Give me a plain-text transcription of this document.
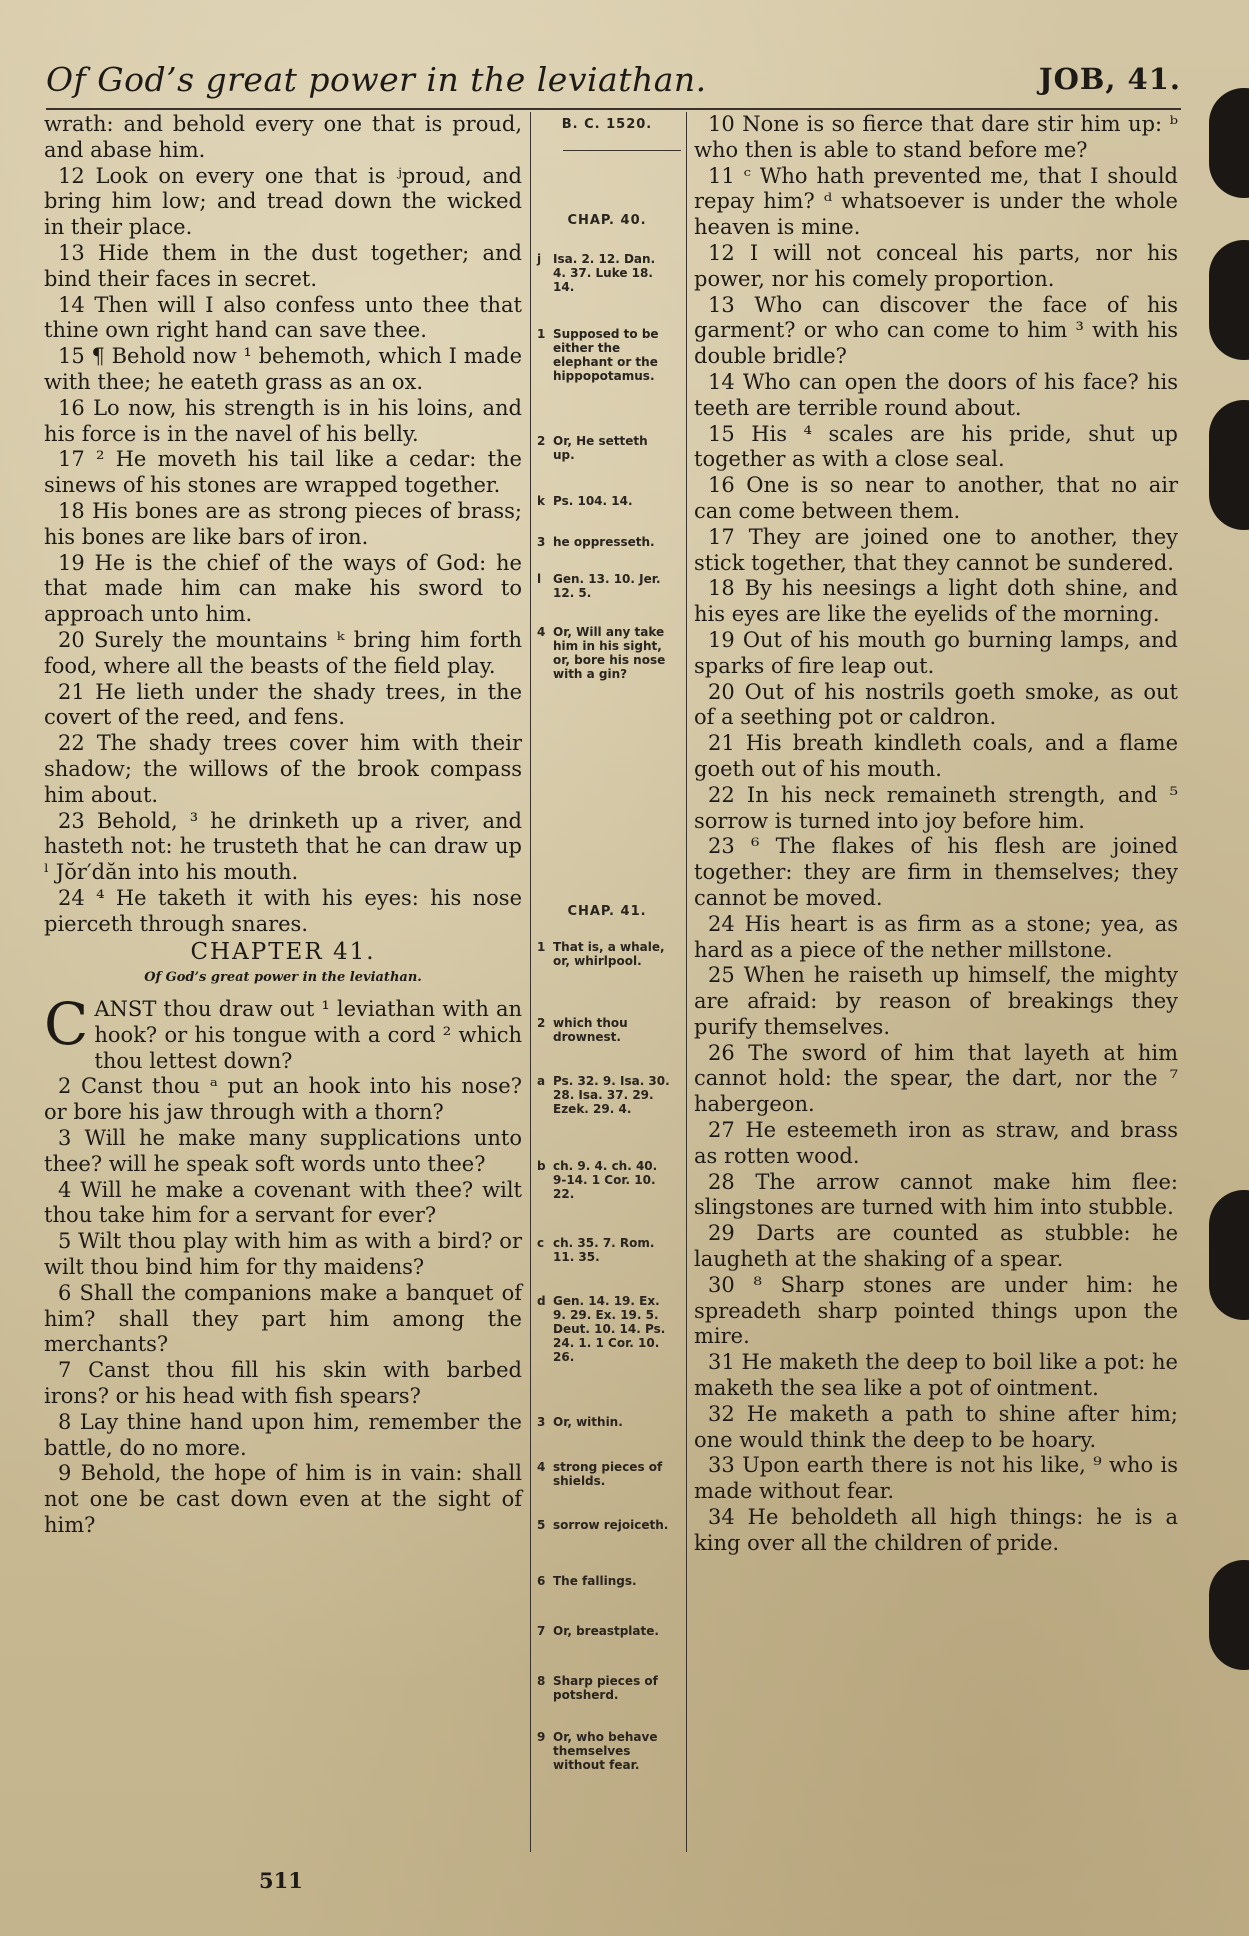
Of God’s great power in the leviathan.	JOB, 41.

wrath: and behold every one that is proud, and abase him.

12 Look on every one that is ʲproud, and bring him low; and tread down the wicked in their place.

13 Hide them in the dust together; and bind their faces in secret.

14 Then will I also confess unto thee that thine own right hand can save thee.

15 ¶ Behold now ¹ behemoth, which I made with thee; he eateth grass as an ox.

16 Lo now, his strength is in his loins, and his force is in the navel of his belly.

17 ² He moveth his tail like a cedar: the sinews of his stones are wrapped together.

18 His bones are as strong pieces of brass; his bones are like bars of iron.

19 He is the chief of the ways of God: he that made him can make his sword to approach unto him.

20 Surely the mountains ᵏ bring him forth food, where all the beasts of the field play.

21 He lieth under the shady trees, in the covert of the reed, and fens.

22 The shady trees cover him with their shadow; the willows of the brook compass him about.

23 Behold, ³ he drinketh up a river, and hasteth not: he trusteth that he can draw up ˡ Jŏr′dăn into his mouth.

24 ⁴ He taketh it with his eyes: his nose pierceth through snares.

CHAPTER 41.

Of God’s great power in the leviathan.

CANST thou draw out ¹ leviathan with an hook? or his tongue with a cord ² which thou lettest down?

2 Canst thou ᵃ put an hook into his nose? or bore his jaw through with a thorn?

3 Will he make many supplications unto thee? will he speak soft words unto thee?

4 Will he make a covenant with thee? wilt thou take him for a servant for ever?

5 Wilt thou play with him as with a bird? or wilt thou bind him for thy maidens?

6 Shall the companions make a banquet of him? shall they part him among the merchants?

7 Canst thou fill his skin with barbed irons? or his head with fish spears?

8 Lay thine hand upon him, remember the battle, do no more.

9 Behold, the hope of him is in vain: shall not one be cast down even at the sight of him?

B. C. 1520.
CHAP. 40.
j Isa. 2. 12. Dan. 4. 37. Luke 18. 14.
1 Supposed to be either the elephant or the hippopotamus.
2 Or, He setteth up.
k Ps. 104. 14.
3 he oppresseth.
l Gen. 13. 10. Jer. 12. 5.
4 Or, Will any take him in his sight, or, bore his nose with a gin?
CHAP. 41.
1 That is, a whale, or, whirlpool.
2 which thou drownest.
a Ps. 32. 9. Isa. 30. 28. Isa. 37. 29. Ezek. 29. 4.
b ch. 9. 4. ch. 40. 9-14. 1 Cor. 10. 22.
c ch. 35. 7. Rom. 11. 35.
d Gen. 14. 19. Ex. 9. 29. Ex. 19. 5. Deut. 10. 14. Ps. 24. 1. 1 Cor. 10. 26.
3 Or, within.
4 strong pieces of shields.
5 sorrow rejoiceth.
6 The fallings.
7 Or, breastplate.
8 Sharp pieces of potsherd.
9 Or, who behave themselves without fear.

10 None is so fierce that dare stir him up: ᵇ who then is able to stand before me?

11 ᶜ Who hath prevented me, that I should repay him? ᵈ whatsoever is under the whole heaven is mine.

12 I will not conceal his parts, nor his power, nor his comely proportion.

13 Who can discover the face of his garment? or who can come to him ³ with his double bridle?

14 Who can open the doors of his face? his teeth are terrible round about.

15 His ⁴ scales are his pride, shut up together as with a close seal.

16 One is so near to another, that no air can come between them.

17 They are joined one to another, they stick together, that they cannot be sundered.

18 By his neesings a light doth shine, and his eyes are like the eyelids of the morning.

19 Out of his mouth go burning lamps, and sparks of fire leap out.

20 Out of his nostrils goeth smoke, as out of a seething pot or caldron.

21 His breath kindleth coals, and a flame goeth out of his mouth.

22 In his neck remaineth strength, and ⁵ sorrow is turned into joy before him.

23 ⁶ The flakes of his flesh are joined together: they are firm in themselves; they cannot be moved.

24 His heart is as firm as a stone; yea, as hard as a piece of the nether millstone.

25 When he raiseth up himself, the mighty are afraid: by reason of breakings they purify themselves.

26 The sword of him that layeth at him cannot hold: the spear, the dart, nor the ⁷ habergeon.

27 He esteemeth iron as straw, and brass as rotten wood.

28 The arrow cannot make him flee: slingstones are turned with him into stubble.

29 Darts are counted as stubble: he laugheth at the shaking of a spear.

30 ⁸ Sharp stones are under him: he spreadeth sharp pointed things upon the mire.

31 He maketh the deep to boil like a pot: he maketh the sea like a pot of ointment.

32 He maketh a path to shine after him; one would think the deep to be hoary.

33 Upon earth there is not his like, ⁹ who is made without fear.

34 He beholdeth all high things: he is a king over all the children of pride.

511
